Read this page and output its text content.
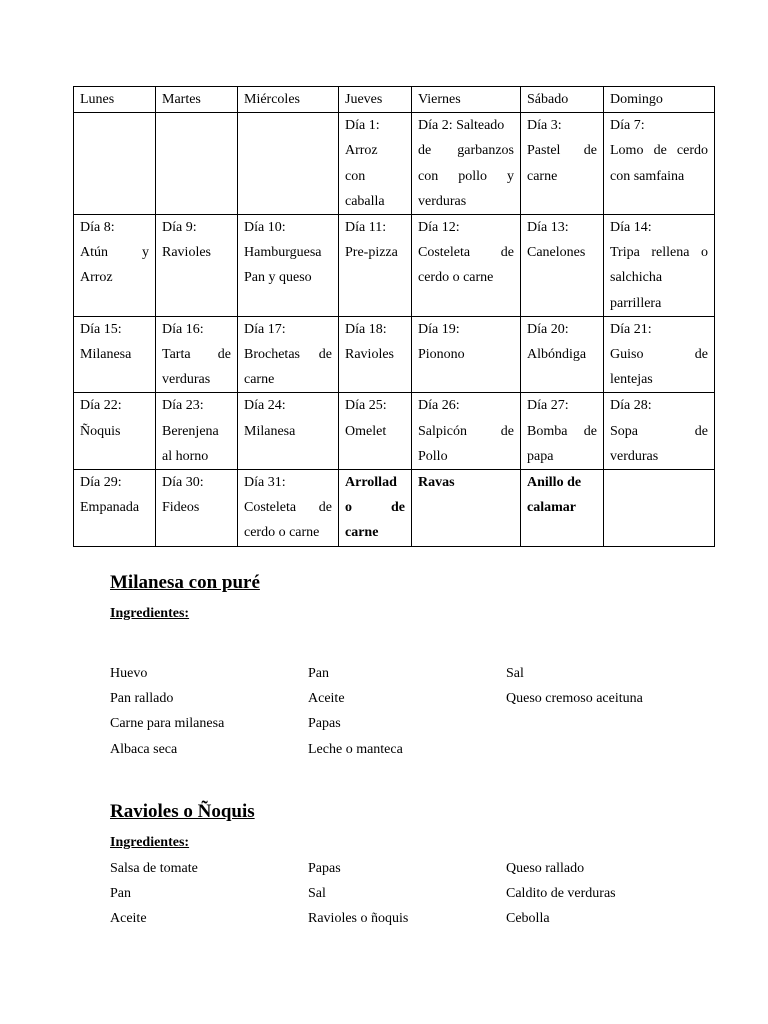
Lunes	Martes	Miércoles	Jueves	Viernes	Sábado	Domingo

			Día 1:
Arroz
con
caballa	Día 2: Salteado
de garbanzos
con pollo y
verduras	Día 3:
Pastel de
carne	Día 7:
Lomo de cerdo
con samfaina

Día 8:
Atún y
Arroz	Día 9:
Ravioles	Día 10:
Hamburguesa
Pan y queso	Día 11:
Pre-pizza	Día 12:
Costeleta de
cerdo o carne	Día 13:
Canelones	Día 14:
Tripa rellena o
salchicha
parrillera

Día 15:
Milanesa	Día 16:
Tarta de
verduras	Día 17:
Brochetas de
carne	Día 18:
Ravioles	Día 19:
Pionono	Día 20:
Albóndiga	Día 21:
Guiso de
lentejas

Día 22:
Ñoquis	Día 23:
Berenjena
al horno	Día 24:
Milanesa	Día 25:
Omelet	Día 26:
Salpicón de
Pollo	Día 27:
Bomba de
papa	Día 28:
Sopa de
verduras

Día 29:
Empanada	Día 30:
Fideos	Día 31:
Costeleta de
cerdo o carne	Arrollad
o de
carne	Ravas	Anillo de
calamar	

Milanesa con puré
Ingredientes:
Huevo
Pan rallado
Carne para milanesa
Albaca seca
Pan
Aceite
Papas
Leche o manteca
Sal
Queso cremoso aceituna
Ravioles o Ñoquis
Ingredientes:
Salsa de tomate
Pan
Aceite
Papas
Sal
Ravioles o ñoquis
Queso rallado
Caldito de verduras
Cebolla
